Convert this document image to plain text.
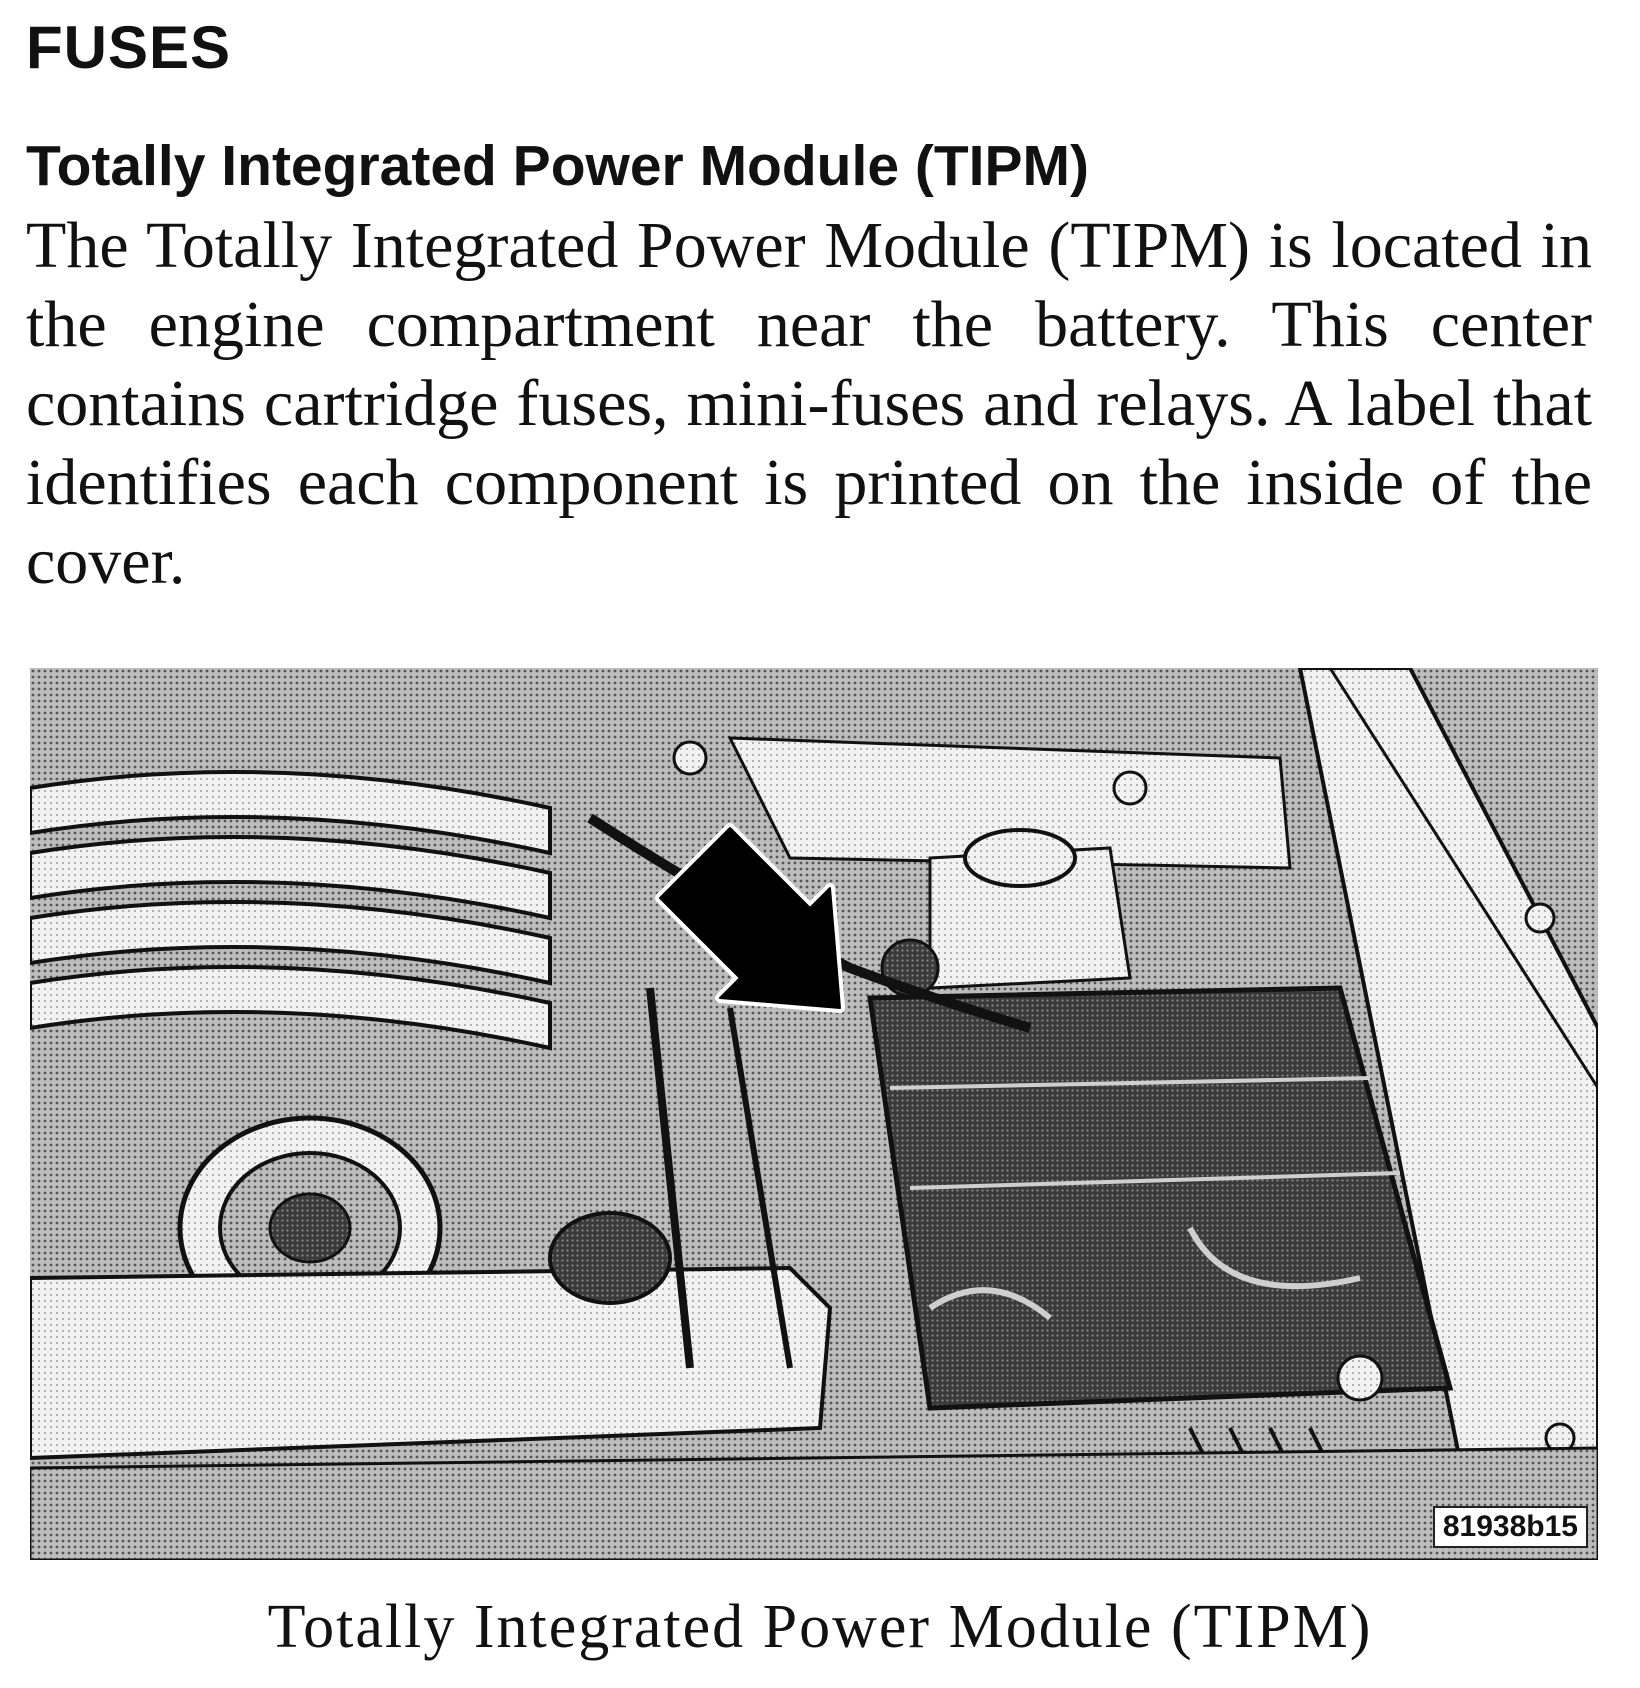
FUSES
Totally Integrated Power Module (TIPM)

The Totally Integrated Power Module (TIPM) is located in the engine compartment near the battery. This center contains cartridge fuses, mini-fuses and relays. A label that identifies each component is printed on the inside of the cover.

81938b15

Totally Integrated Power Module (TIPM)
